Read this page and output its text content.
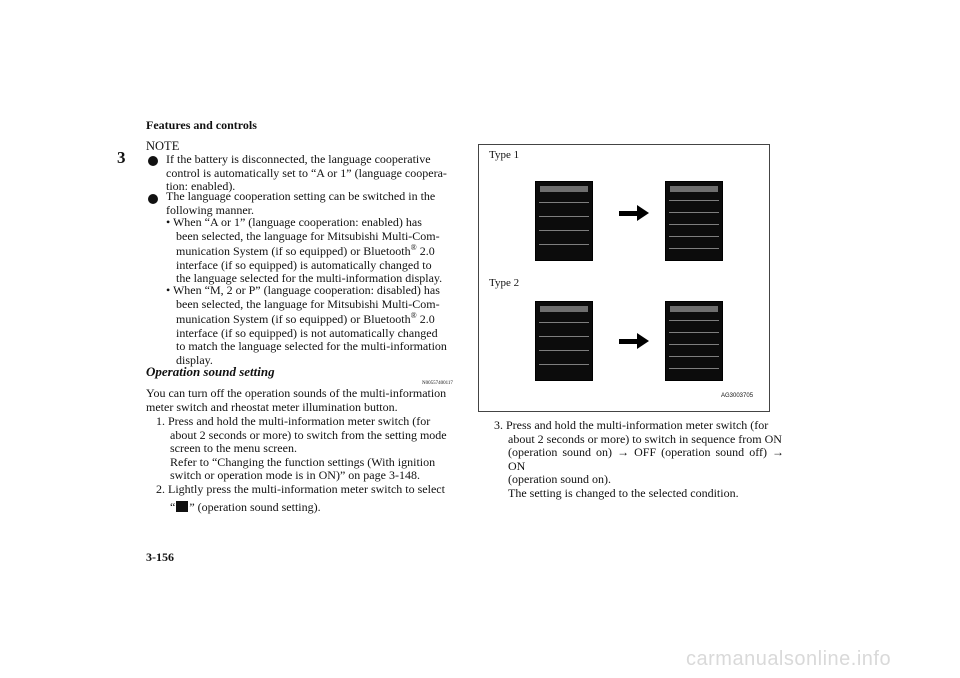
Features and controls
3
3-156
carmanualsonline.info
NOTE
If the battery is disconnected, the language cooperative
control is automatically set to “A or 1” (language coopera-
tion: enabled).
The language cooperation setting can be switched in the
following manner.
• When “A or 1” (language cooperation: enabled) has
been selected, the language for Mitsubishi Multi-Com-
munication System (if so equipped) or Bluetooth® 2.0
interface (if so equipped) is automatically changed to
the language selected for the multi-information display.
• When “M, 2 or P” (language cooperation: disabled) has
been selected, the language for Mitsubishi Multi-Com-
munication System (if so equipped) or Bluetooth® 2.0
interface (if so equipped) is not automatically changed
to match the language selected for the multi-information
display.
Operation sound setting
N00557400117
You can turn off the operation sounds of the multi-information
meter switch and rheostat meter illumination button.
1. Press and hold the multi-information meter switch (for
about 2 seconds or more) to switch from the setting mode
screen to the menu screen.
Refer to “Changing the function settings (With ignition
switch or operation mode is in ON)” on page 3-148.
2. Lightly press the multi-information meter switch to select
“ ” (operation sound setting).
3. Press and hold the multi-information meter switch (for
about 2 seconds or more) to switch in sequence from ON
(operation sound on) → OFF (operation sound off) → ON
(operation sound on).
The setting is changed to the selected condition.
Type 1
Type 2
AG3003705
